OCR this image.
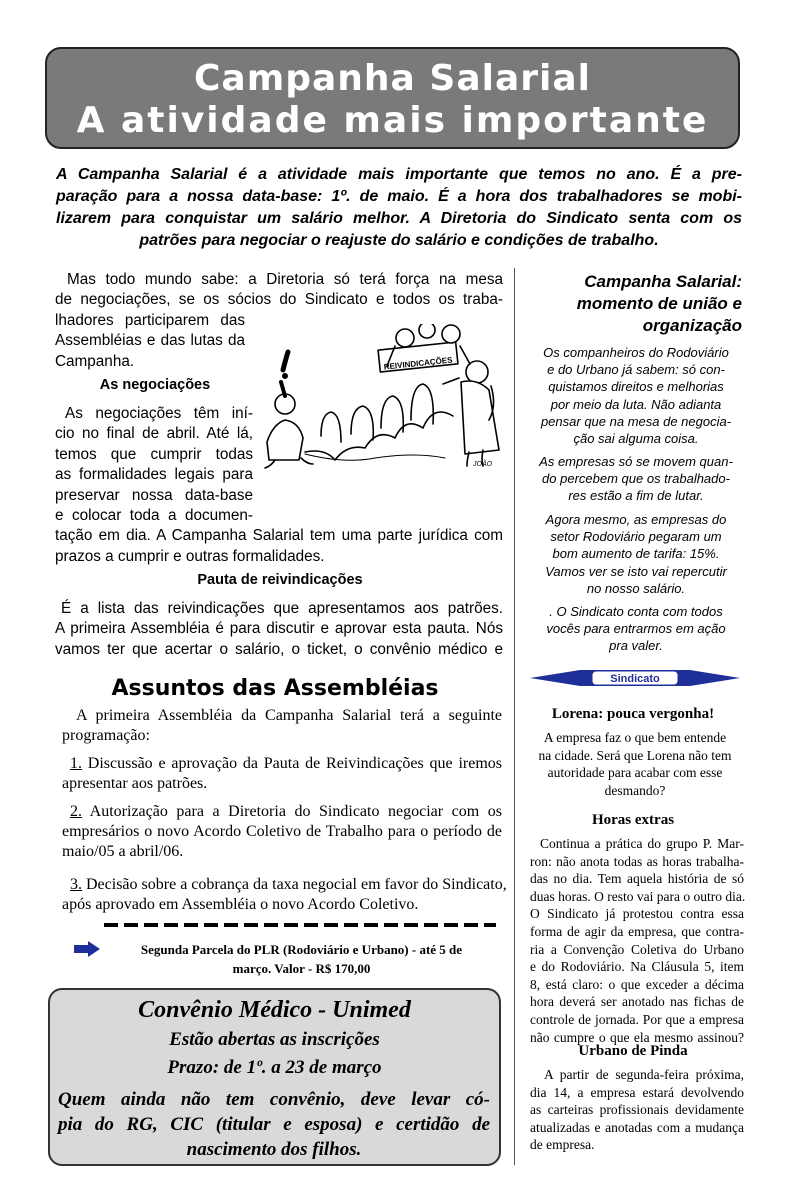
Campanha Salarial
A atividade mais importante
A Campanha Salarial é a atividade mais importante que temos no ano. É a pre-
paração para a nossa data-base: 1º. de maio. É a hora dos trabalhadores se mobi-
lizarem para conquistar um salário melhor. A Diretoria do Sindicato senta com os
patrões para negociar o reajuste do salário e condições de trabalho.
Mas todo mundo sabe: a Diretoria só terá força na mesa
de negociações, se os sócios do Sindicato e todos os traba-
lhadores participarem das
Assembléias e das lutas da
Campanha.
As negociações
As negociações têm iní-
cio no final de abril. Até lá,
temos que cumprir todas
as formalidades legais para
preservar nossa data-base
e colocar toda a documen-
tação em dia. A Campanha Salarial tem uma parte jurídica com
prazos a cumprir e outras formalidades.
Pauta de reivindicações
É a lista das reivindicações que apresentamos aos patrões.
A primeira Assembléia é para discutir e aprovar esta pauta. Nós
vamos ter que acertar o salário, o ticket, o convênio médico e
REIVINDICAÇÕES
JOÃO
Campanha Salarial:
momento de união e
organização
Os companheiros do Rodoviário
e do Urbano já sabem: só con-
quistamos direitos e melhorias
por meio da luta. Não adianta
pensar que na mesa de negocia-
ção sai alguma coisa.
As empresas só se movem quan-
do percebem que os trabalhado-
res estão a fim de lutar.
Agora mesmo, as empresas do
setor Rodoviário pegaram um
bom aumento de tarifa: 15%.
Vamos ver se isto vai repercutir
no nosso salário.
. O Sindicato conta com todos
vocês para entrarmos em ação
pra valer.
Sindicato
Lorena: pouca vergonha!
A empresa faz o que bem entende
na cidade. Será que Lorena não tem
autoridade para acabar com esse
desmando?
Horas extras
Continua a prática do grupo P. Mar-
ron: não anota todas as horas trabalha-
das no dia. Tem aquela história de só
duas horas. O resto vai para o outro dia.
O Sindicato já protestou contra essa
forma de agir da empresa, que contra-
ria a Convenção Coletiva do Urbano
e do Rodoviário. Na Cláusula 5, item
8, está claro: o que exceder a décima
hora deverá ser anotado nas fichas de
controle de jornada. Por que a empresa
não cumpre o que ela mesmo assinou?
Urbano de Pinda
A partir de segunda-feira próxima,
dia 14, a empresa estará devolvendo
as carteiras profissionais devidamente
atualizadas e anotadas com a mudança
de empresa.
Assuntos das Assembléias
A primeira Assembléia da Campanha Salarial terá a seguinte
programação:
1. Discussão e aprovação da Pauta de Reivindicações que iremos
apresentar aos patrões.
2. Autorização para a Diretoria do Sindicato negociar com os
empresários o novo Acordo Coletivo de Trabalho para o período de
maio/05 a abril/06.
3. Decisão sobre a cobrança da taxa negocial em favor do Sindicato,
após aprovado em Assembléia o novo Acordo Coletivo.
Segunda Parcela do PLR (Rodoviário e Urbano) - até 5 de
março. Valor - R$ 170,00
Convênio Médico - Unimed
Estão abertas as inscrições
Prazo: de 1º. a 23 de março
Quem ainda não tem convênio, deve levar có-
pia do RG, CIC (titular e esposa) e certidão de
nascimento dos filhos.
